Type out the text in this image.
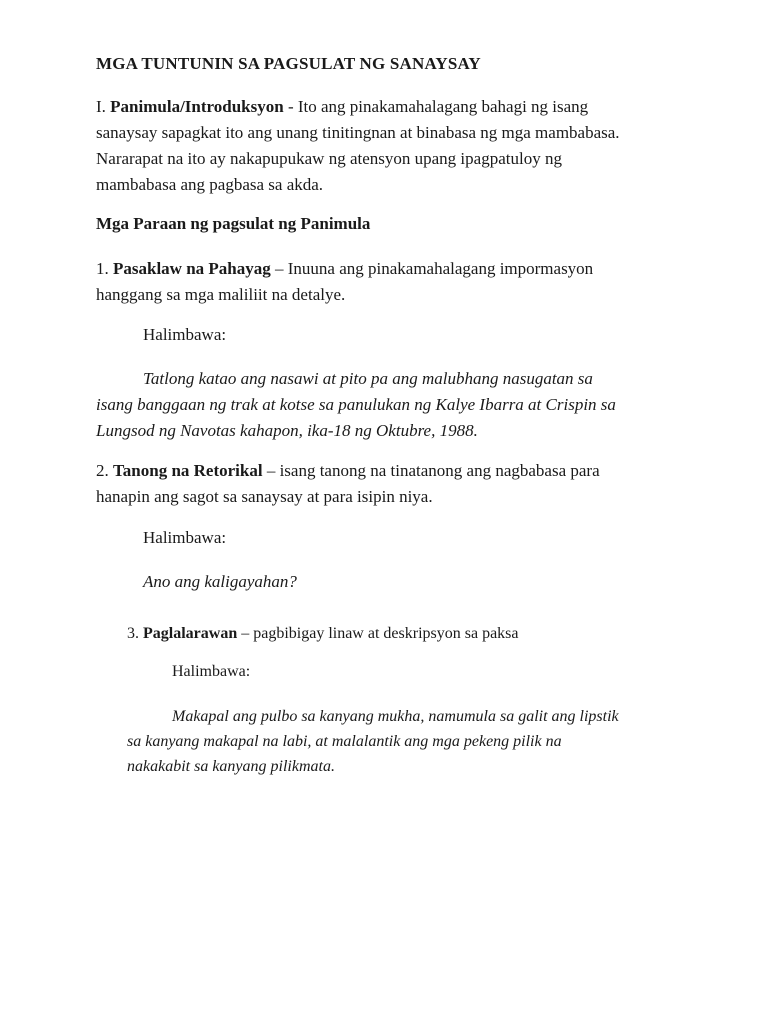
MGA TUNTUNIN SA PAGSULAT NG SANAYSAY
I. Panimula/Introduksyon - Ito ang pinakamahalagang bahagi ng isang
sanaysay sapagkat ito ang unang tinitingnan at binabasa ng mga mambabasa.
Nararapat na ito ay nakapupukaw ng atensyon upang ipagpatuloy ng
mambabasa ang pagbasa sa akda.
Mga Paraan ng pagsulat ng Panimula
1. Pasaklaw na Pahayag – Inuuna ang pinakamahalagang impormasyon
hanggang sa mga maliliit na detalye.
Halimbawa:
Tatlong katao ang nasawi at pito pa ang malubhang nasugatan sa
isang banggaan ng trak at kotse sa panulukan ng Kalye Ibarra at Crispin sa
Lungsod ng Navotas kahapon, ika-18 ng Oktubre, 1988.
2. Tanong na Retorikal – isang tanong na tinatanong ang nagbabasa para
hanapin ang sagot sa sanaysay at para isipin niya.
Halimbawa:
Ano ang kaligayahan?
3. Paglalarawan – pagbibigay linaw at deskripsyon sa paksa
Halimbawa:
Makapal ang pulbo sa kanyang mukha, namumula sa galit ang lipstik
sa kanyang makapal na labi, at malalantik ang mga pekeng pilik na
nakakabit sa kanyang pilikmata.
